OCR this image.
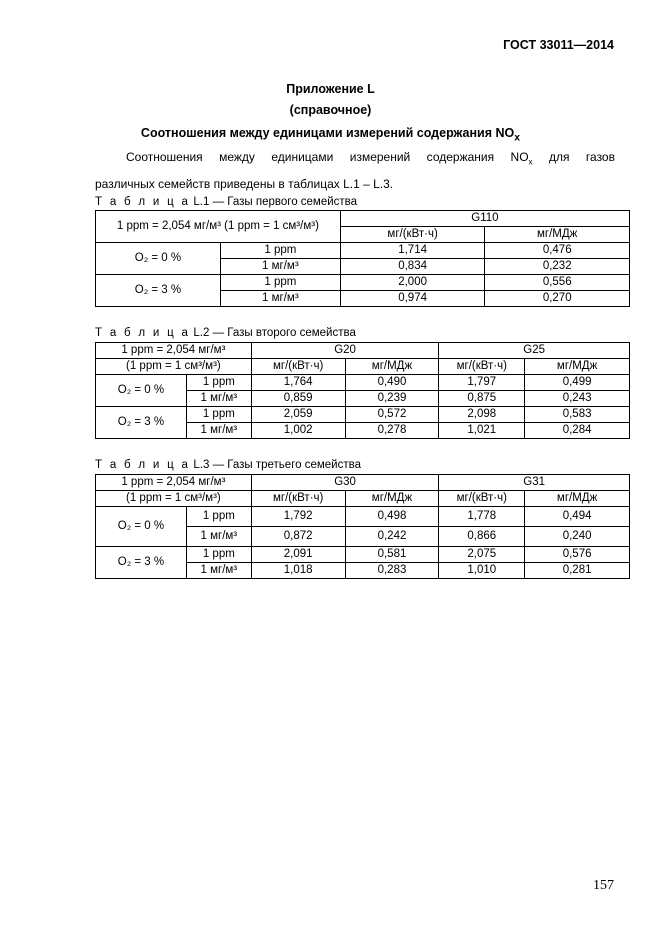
ГОСТ 33011—2014
Приложение L
(справочное)
Соотношения между единицами измерений содержания $NO_x$
Соотношения между единицами измерений содержания $NO_x$ для газов
различных семейств приведены в таблицах L.1 – L.3.
Т а б л и ц а L.1 — Газы первого семейства
1 ppm = 2,054 мг/м³ (1 ppm = 1 см³/м³)		G110	
		мг/(кВт·ч)	мг/МДж
O₂ = 0 %	1 ppm	1,714	0,476
	1 мг/м³	0,834	0,232
O₂ = 3 %	1 ppm	2,000	0,556
	1 мг/м³	0,974	0,270
Т а б л и ц а L.2 — Газы второго семейства
1 ppm = 2,054 мг/м³		G20		G25	
(1 ppm = 1 см³/м³)		мг/(кВт·ч)	мг/МДж	мг/(кВт·ч)	мг/МДж
O₂ = 0 %	1 ppm	1,764	0,490	1,797	0,499
	1 мг/м³	0,859	0,239	0,875	0,243
O₂ = 3 %	1 ppm	2,059	0,572	2,098	0,583
	1 мг/м³	1,002	0,278	1,021	0,284
Т а б л и ц а L.3 — Газы третьего семейства
1 ppm = 2,054 мг/м³		G30		G31	
(1 ppm = 1 см³/м³)		мг/(кВт·ч)	мг/МДж	мг/(кВт·ч)	мг/МДж
O₂ = 0 %	1 ppm	1,792	0,498	1,778	0,494
	1 мг/м³	0,872	0,242	0,866	0,240
O₂ = 3 %	1 ppm	2,091	0,581	2,075	0,576
	1 мг/м³	1,018	0,283	1,010	0,281
157
